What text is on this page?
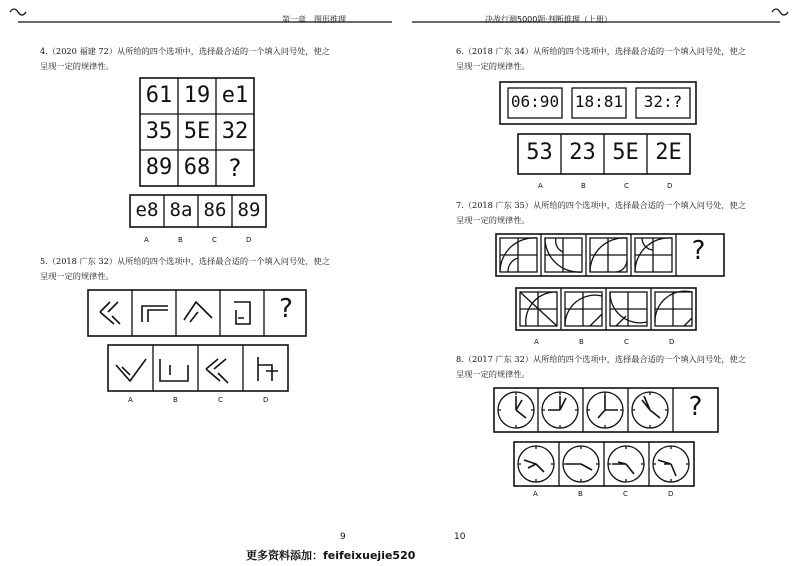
第一章　图形推理	决战行测5000题·判断推理（上册）
4.（2020 福建 72）从所给的四个选项中，选择最合适的一个填入问号处，使之
呈现一定的规律性。
61 19 e1
35 5E 32
89 68 ?
e8 8a 86 89
A	B	C	D
5.（2018 广东 32）从所给的四个选项中，选择最合适的一个填入问号处，使之
呈现一定的规律性。
?
A	B	C	D
9
6.（2018 广东 34）从所给的四个选项中，选择最合适的一个填入问号处，使之
呈现一定的规律性。
06:90 18:81	32:?
53 23 5E 2E
A	B	C	D
7.（2018 广东 35）从所给的四个选项中，选择最合适的一个填入问号处，使之
呈现一定的规律性。
?
A	B	C	D
8.（2017 广东 32）从所给的四个选项中，选择最合适的一个填入问号处，使之
呈现一定的规律性。
?
A	B	C	D
10
更多资料添加：feifeixuejie520
